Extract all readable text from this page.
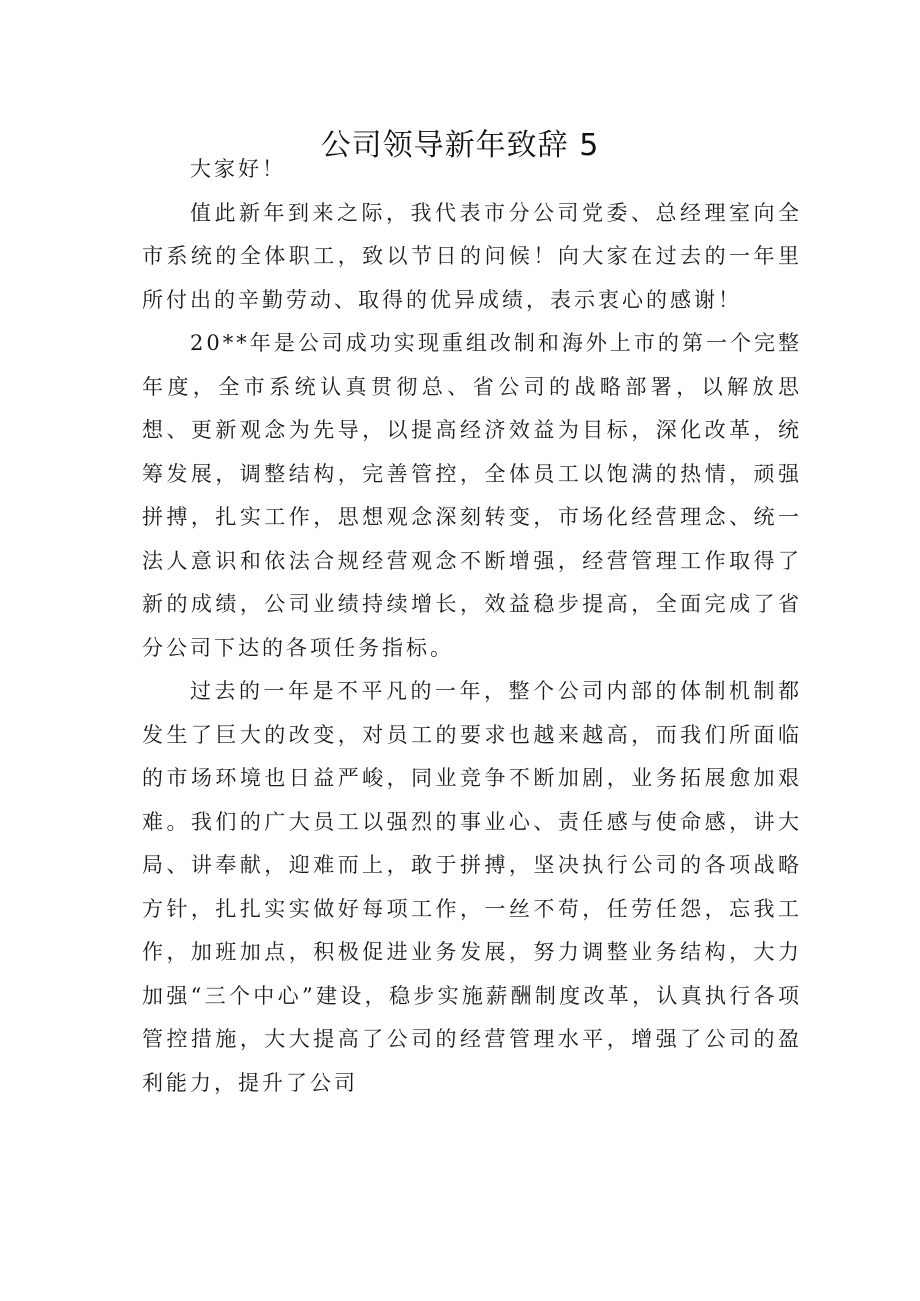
公司领导新年致辞 5

大家好！

值此新年到来之际，我代表市分公司党委、总经理室向全市系统的全体职工，致以节日的问候！向大家在过去的一年里所付出的辛勤劳动、取得的优异成绩，表示衷心的感谢！

20**年是公司成功实现重组改制和海外上市的第一个完整年度，全市系统认真贯彻总、省公司的战略部署，以解放思想、更新观念为先导，以提高经济效益为目标，深化改革，统筹发展，调整结构，完善管控，全体员工以饱满的热情，顽强拼搏，扎实工作，思想观念深刻转变，市场化经营理念、统一法人意识和依法合规经营观念不断增强，经营管理工作取得了新的成绩，公司业绩持续增长，效益稳步提高，全面完成了省分公司下达的各项任务指标。

过去的一年是不平凡的一年，整个公司内部的体制机制都发生了巨大的改变，对员工的要求也越来越高，而我们所面临的市场环境也日益严峻，同业竞争不断加剧，业务拓展愈加艰难。我们的广大员工以强烈的事业心、责任感与使命感，讲大局、讲奉献，迎难而上，敢于拼搏，坚决执行公司的各项战略方针，扎扎实实做好每项工作，一丝不苟，任劳任怨，忘我工作，加班加点，积极促进业务发展，努力调整业务结构，大力加强“三个中心”建设，稳步实施薪酬制度改革，认真执行各项管控措施，大大提高了公司的经营管理水平，增强了公司的盈利能力，提升了公司
